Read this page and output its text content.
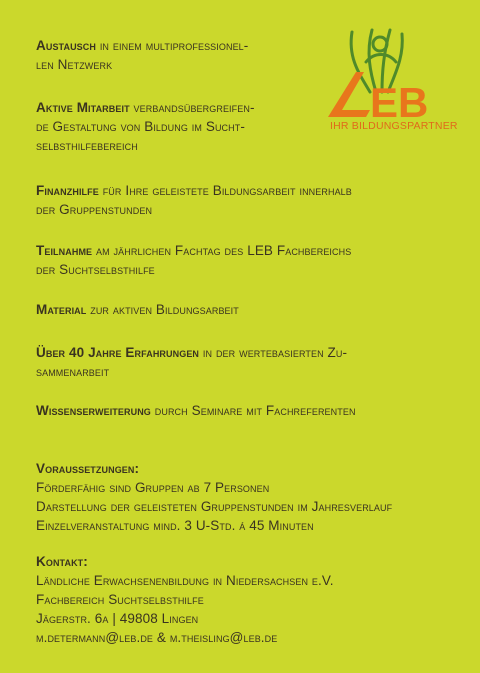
EB
IHR BILDUNGSPARTNER
Austausch in einem multiprofessionel-
len Netzwerk
Aktive Mitarbeit verbandsübergreifen-
de Gestaltung von Bildung im Sucht-
selbsthilfebereich
Finanzhilfe für Ihre geleistete Bildungsarbeit innerhalb
der Gruppenstunden
Teilnahme am jährlichen Fachtag des LEB Fachbereichs
der Suchtselbsthilfe
Material zur aktiven Bildungsarbeit
Über 40 Jahre Erfahrungen in der wertebasierten Zu-
sammenarbeit
Wissenserweiterung durch Seminare mit Fachreferenten
Voraussetzungen:
Förderfähig sind Gruppen ab 7 Personen
Darstellung der geleisteten Gruppenstunden im Jahresverlauf
Einzelveranstaltung mind. 3 U-Std. á 45 Minuten
Kontakt:
Ländliche Erwachsenenbildung in Niedersachsen e.V.
Fachbereich Suchtselbsthilfe
Jägerstr. 6a | 49808 Lingen
m.determann@leb.de & m.theisling@leb.de
